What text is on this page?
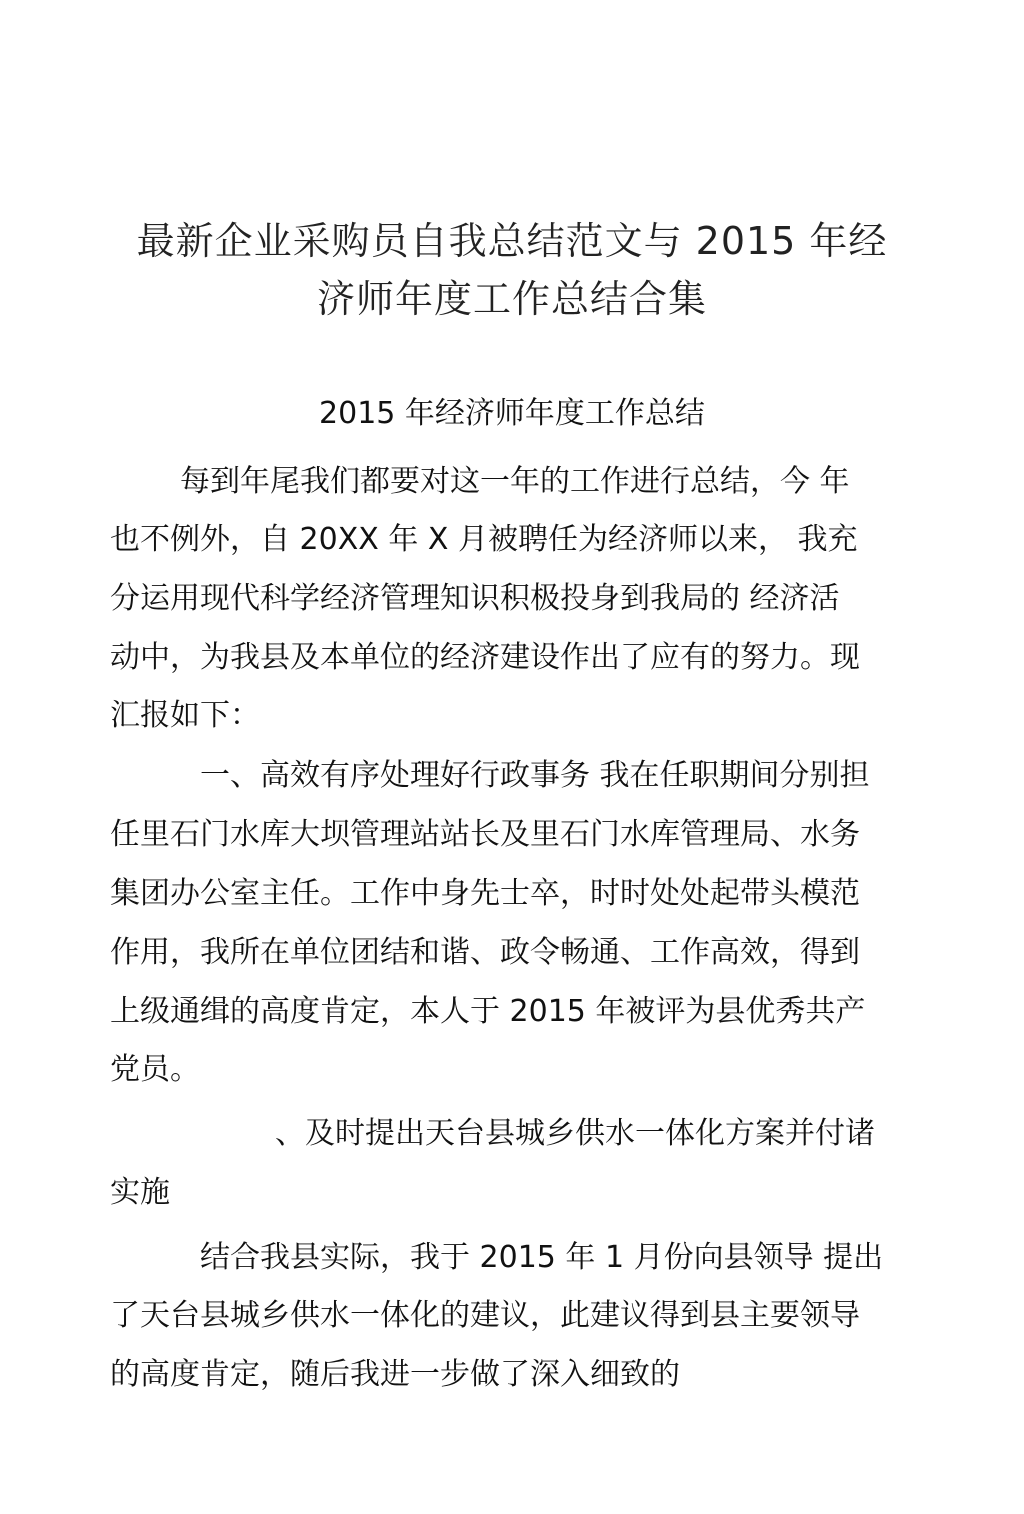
最新企业采购员自我总结范文与 2015 年经
济师年度工作总结合集
2015 年经济师年度工作总结
每到年尾我们都要对这一年的工作进行总结，今 年
也不例外，自 20XX 年 X 月被聘任为经济师以来， 我充
分运用现代科学经济管理知识积极投身到我局的 经济活
动中，为我县及本单位的经济建设作出了应有的努力。现
汇报如下：
一、高效有序处理好行政事务 我在任职期间分别担
任里石门水库大坝管理站站长及里石门水库管理局、水务
集团办公室主任。工作中身先士卒，时时处处起带头模范
作用，我所在单位团结和谐、政令畅通、工作高效，得到
上级通缉的高度肯定，本人于 2015 年被评为县优秀共产
党员。
、及时提出天台县城乡供水一体化方案并付诸
实施
结合我县实际，我于 2015 年 1 月份向县领导 提出
了天台县城乡供水一体化的建议，此建议得到县主要领导
的高度肯定，随后我进一步做了深入细致的
